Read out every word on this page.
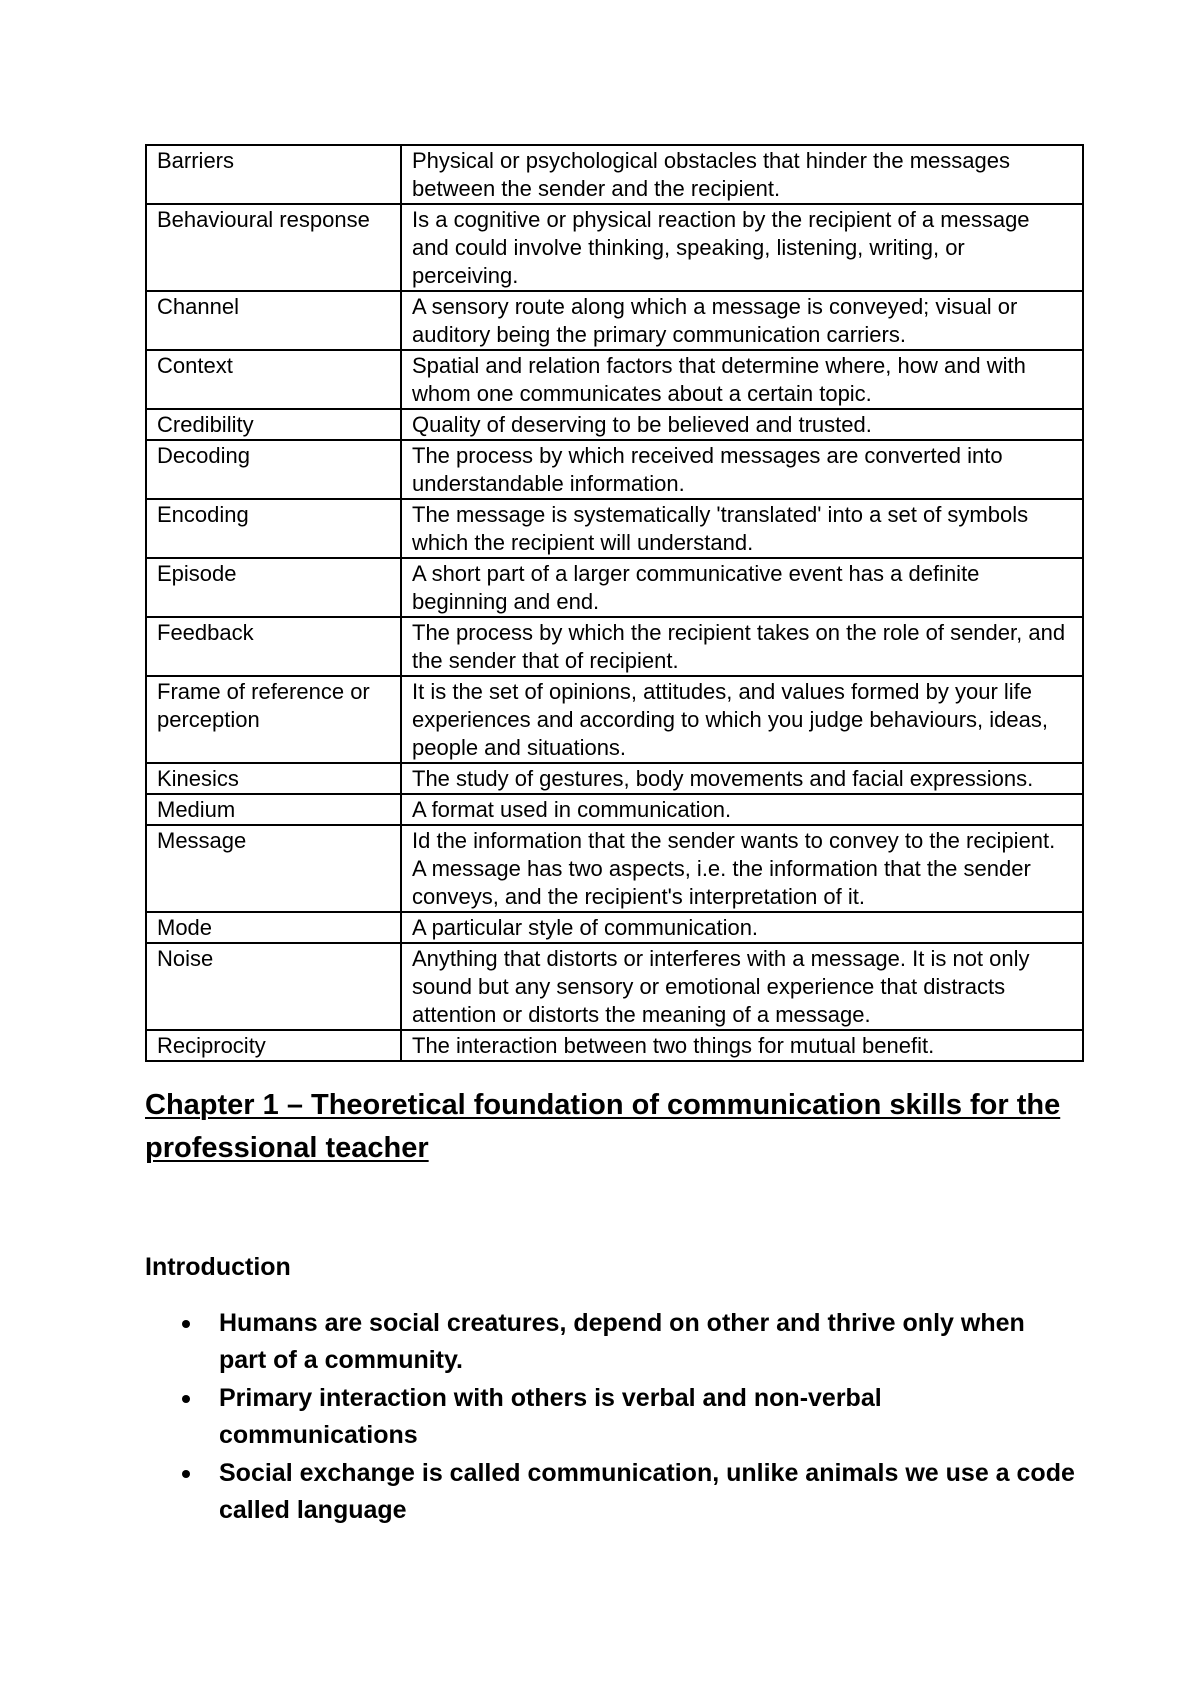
Barriers	Physical or psychological obstacles that hinder the messages between the sender and the recipient.
Behavioural response	Is a cognitive or physical reaction by the recipient of a message and could involve thinking, speaking, listening, writing, or perceiving.
Channel	A sensory route along which a message is conveyed; visual or auditory being the primary communication carriers.
Context	Spatial and relation factors that determine where, how and with whom one communicates about a certain topic.
Credibility	Quality of deserving to be believed and trusted.
Decoding	The process by which received messages are converted into understandable information.
Encoding	The message is systematically 'translated' into a set of symbols which the recipient will understand.
Episode	A short part of a larger communicative event has a definite beginning and end.
Feedback	The process by which the recipient takes on the role of sender, and the sender that of recipient.
Frame of reference or perception	It is the set of opinions, attitudes, and values formed by your life experiences and according to which you judge behaviours, ideas, people and situations.
Kinesics	The study of gestures, body movements and facial expressions.
Medium	A format used in communication.
Message	Id the information that the sender wants to convey to the recipient. A message has two aspects, i.e. the information that the sender conveys, and the recipient's interpretation of it.
Mode	A particular style of communication.
Noise	Anything that distorts or interferes with a message. It is not only sound but any sensory or emotional experience that distracts attention or distorts the meaning of a message.
Reciprocity	The interaction between two things for mutual benefit.
Chapter 1 – Theoretical foundation of communication skills for the professional teacher
Introduction
Humans are social creatures, depend on other and thrive only when part of a community.
Primary interaction with others is verbal and non-verbal communications
Social exchange is called communication, unlike animals we use a code called language
